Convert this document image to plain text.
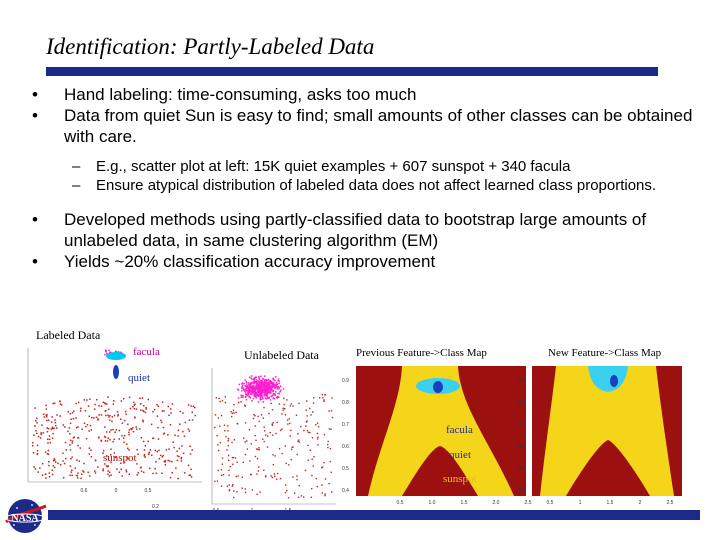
Identification: Partly-Labeled Data
• Hand labeling: time-consuming, asks too much
• Data from quiet Sun is easy to find; small amounts of other classes can be obtained with care.
– E.g., scatter plot at left: 15K quiet examples + 607 sunspot + 340 facula
– Ensure atypical distribution of labeled data does not affect learned class proportions.
• Developed methods using partly-classified data to bootstrap large amounts of unlabeled data, in same clustering algorithm (EM)
• Yields ~20% classification accuracy improvement
Labeled Data
Unlabeled Data	Previous Feature->Class Map	New Feature->Class Map
0.6	0	0.5
facula
quiet
sunspot
0.2
0.9
0.8
0.7
0.6
0.5
0.4
0.5	1.0	1.5	2.0	2.5
facula
quiet
sunspot
0.9
0.8
0.7
0.6
0.5
0.4
0.5	1	1.5	2	2.5
NASA
